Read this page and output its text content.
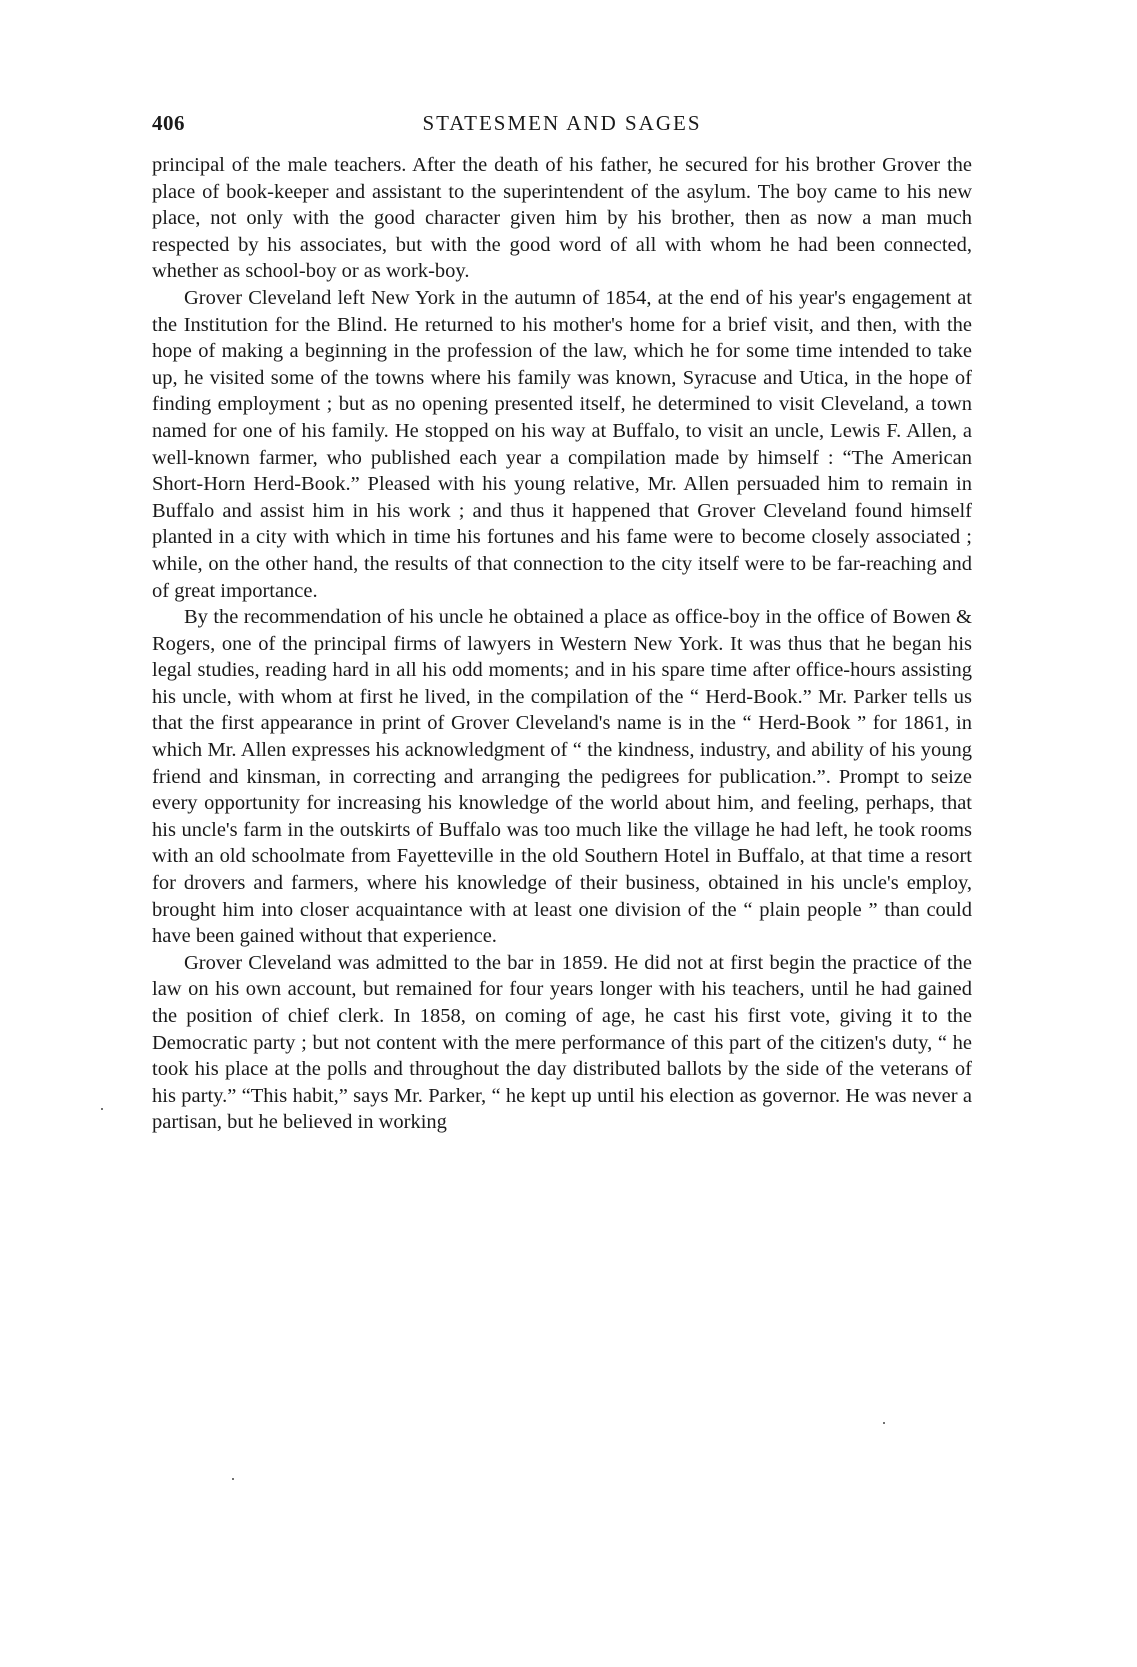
406	STATESMEN AND SAGES

principal of the male teachers. After the death of his father, he secured for his brother Grover the place of book-keeper and assistant to the superintendent of the asylum. The boy came to his new place, not only with the good character given him by his brother, then as now a man much respected by his associates, but with the good word of all with whom he had been connected, whether as school-boy or as work-boy.

Grover Cleveland left New York in the autumn of 1854, at the end of his year's engagement at the Institution for the Blind. He returned to his mother's home for a brief visit, and then, with the hope of making a beginning in the profession of the law, which he for some time intended to take up, he visited some of the towns where his family was known, Syracuse and Utica, in the hope of finding employment ; but as no opening presented itself, he determined to visit Cleveland, a town named for one of his family. He stopped on his way at Buffalo, to visit an uncle, Lewis F. Allen, a well-known farmer, who published each year a compilation made by himself : “The American Short-Horn Herd-Book.” Pleased with his young relative, Mr. Allen persuaded him to remain in Buffalo and assist him in his work ; and thus it happened that Grover Cleveland found himself planted in a city with which in time his fortunes and his fame were to become closely associated ; while, on the other hand, the results of that connection to the city itself were to be far-reaching and of great importance.

By the recommendation of his uncle he obtained a place as office-boy in the office of Bowen & Rogers, one of the principal firms of lawyers in Western New York. It was thus that he began his legal studies, reading hard in all his odd moments; and in his spare time after office-hours assisting his uncle, with whom at first he lived, in the compilation of the “ Herd-Book.” Mr. Parker tells us that the first appearance in print of Grover Cleveland's name is in the “ Herd-Book ” for 1861, in which Mr. Allen expresses his acknowledgment of “ the kindness, industry, and ability of his young friend and kinsman, in correcting and arranging the pedigrees for publication.”. Prompt to seize every opportunity for increasing his knowledge of the world about him, and feeling, perhaps, that his uncle's farm in the outskirts of Buffalo was too much like the village he had left, he took rooms with an old schoolmate from Fayetteville in the old Southern Hotel in Buffalo, at that time a resort for drovers and farmers, where his knowledge of their business, obtained in his uncle's employ, brought him into closer acquaintance with at least one division of the “ plain people ” than could have been gained without that experience.

Grover Cleveland was admitted to the bar in 1859. He did not at first begin the practice of the law on his own account, but remained for four years longer with his teachers, until he had gained the position of chief clerk. In 1858, on coming of age, he cast his first vote, giving it to the Democratic party ; but not content with the mere performance of this part of the citizen's duty, “ he took his place at the polls and throughout the day distributed ballots by the side of the veterans of his party.” “This habit,” says Mr. Parker, “ he kept up until his election as governor. He was never a partisan, but he believed in working
